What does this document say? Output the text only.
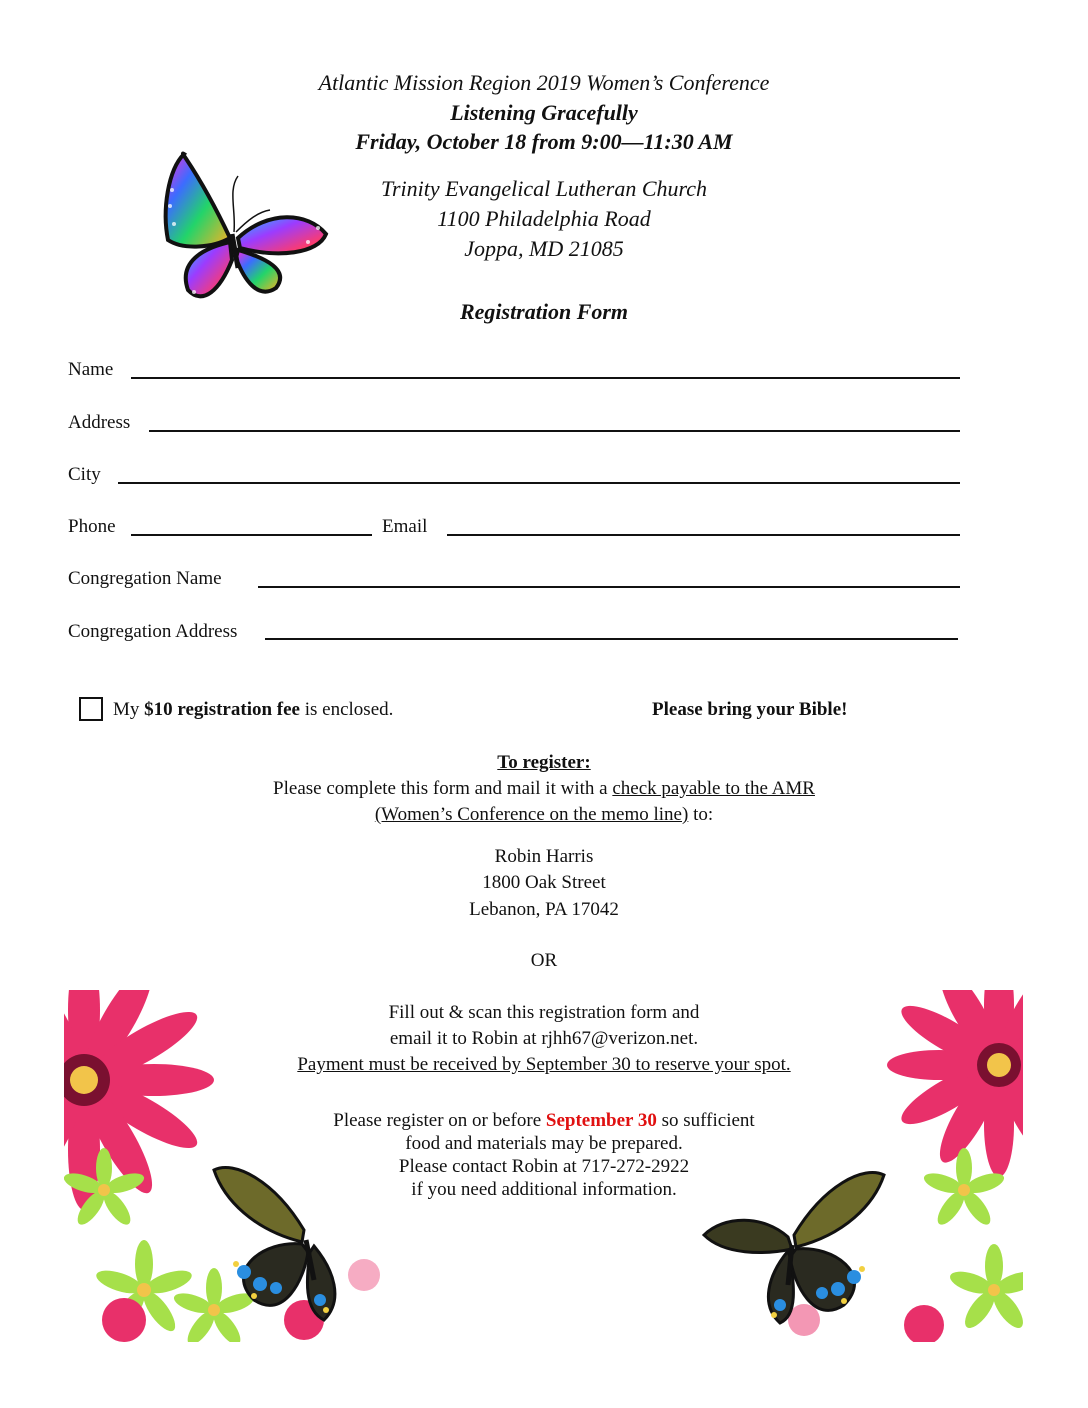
Atlantic Mission Region 2019 Women’s Conference
Listening Gracefully
Friday, October 18 from 9:00—11:30 AM
Trinity Evangelical Lutheran Church
1100 Philadelphia Road
Joppa, MD 21085
Registration Form
Name
Address
City
Phone	Email
Congregation Name
Congregation Address
My $10 registration fee is enclosed.	Please bring your Bible!
To register:
Please complete this form and mail it with a check payable to the AMR
(Women’s Conference on the memo line) to:
Robin Harris
1800 Oak Street
Lebanon, PA 17042
OR
Fill out & scan this registration form and
email it to Robin at rjhh67@verizon.net.
Payment must be received by September 30 to reserve your spot.
Please register on or before September 30 so sufficient
food and materials may be prepared.
Please contact Robin at 717-272-2922
if you need additional information.
